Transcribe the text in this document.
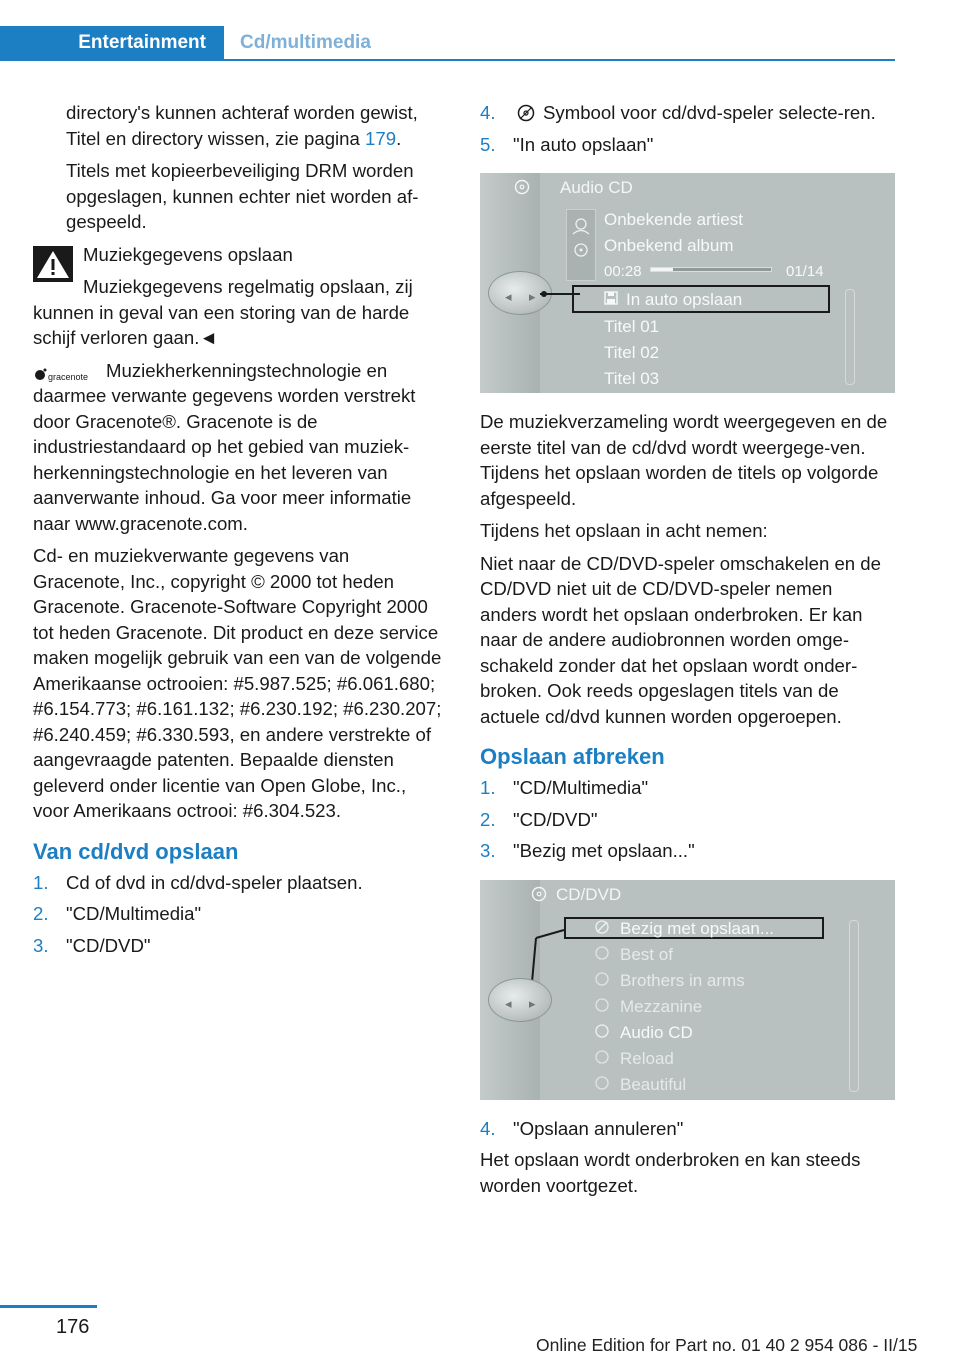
Entertainment	Cd/multimedia

directory's kunnen achteraf worden gewist, Titel en directory wissen, zie pagina 179.

Titels met kopieerbeveiliging DRM worden opgeslagen, kunnen echter niet worden af-gespeeld.

Muziekgegevens opslaan

Muziekgegevens regelmatig opslaan, zij kunnen in geval van een storing van de harde schijf verloren gaan.◄

gracenote Muziekherkenningstechnologie en daarmee verwante gegevens worden verstrekt door Gracenote®. Gracenote is de industriestandaard op het gebied van muziek-herkenningstechnologie en het leveren van aanverwante inhoud. Ga voor meer informatie naar www.gracenote.com.

Cd- en muziekverwante gegevens van Gracenote, Inc., copyright © 2000 tot heden Gracenote. Gracenote-Software Copyright 2000 tot heden Gracenote. Dit product en deze service maken mogelijk gebruik van een van de volgende Amerikaanse octrooien: #5.987.525; #6.061.680; #6.154.773; #6.161.132; #6.230.192; #6.230.207; #6.240.459; #6.330.593, en andere verstrekte of aangevraagde patenten. Bepaalde diensten geleverd onder licentie van Open Globe, Inc., voor Amerikaans octrooi: #6.304.523.

Van cd/dvd opslaan
1. Cd of dvd in cd/dvd-speler plaatsen.
2. "CD/Multimedia"
3. "CD/DVD"
4.	Symbool voor cd/dvd-speler selecte-ren.
5. "In auto opslaan"
Audio CD
Onbekende artiest
Onbekend album
00:28	01/14
◂ ▸	In auto opslaan
Titel 01
Titel 02
Titel 03

De muziekverzameling wordt weergegeven en de eerste titel van de cd/dvd wordt weergege-ven. Tijdens het opslaan worden de titels op volgorde afgespeeld.

Tijdens het opslaan in acht nemen:

Niet naar de CD/DVD-speler omschakelen en de CD/DVD niet uit de CD/DVD-speler nemen anders wordt het opslaan onderbroken. Er kan naar de andere audiobronnen worden omge-schakeld zonder dat het opslaan wordt onder-broken. Ook reeds opgeslagen titels van de actuele cd/dvd kunnen worden opgeroepen.

Opslaan afbreken
1. "CD/Multimedia"
2. "CD/DVD"
3. "Bezig met opslaan..."
CD/DVD
◂ ▸
Bezig met opslaan...
Best of
Brothers in arms
Mezzanine
Audio CD
Reload
Beautiful
4. "Opslaan annuleren"

Het opslaan wordt onderbroken en kan steeds worden voortgezet.

176
Online Edition for Part no. 01 40 2 954 086 - II/15
